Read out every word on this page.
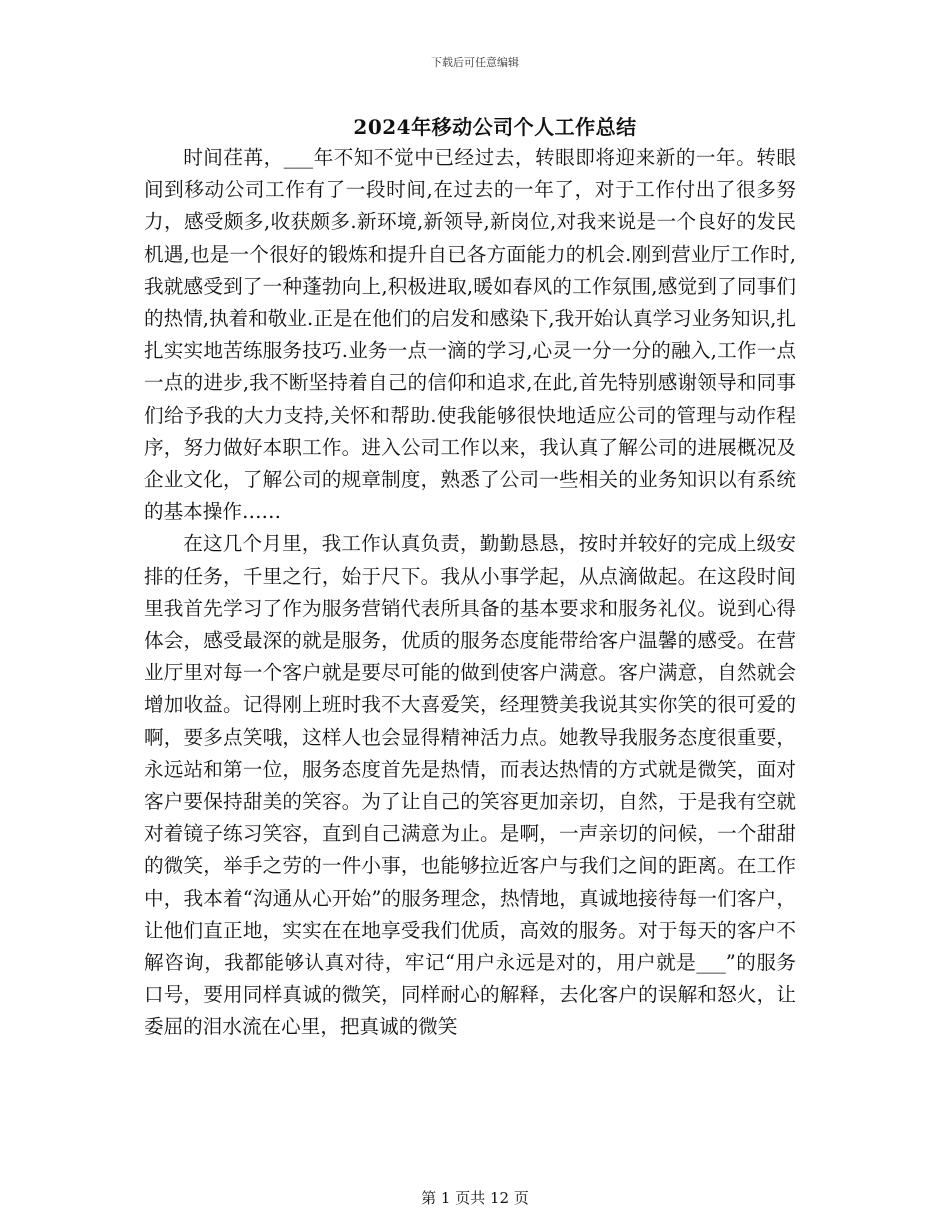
下载后可任意编辑
2024年移动公司个人工作总结

时间荏苒，___年不知不觉中已经过去，转眼即将迎来新的一年。转眼间到移动公司工作有了一段时间,在过去的一年了，对于工作付出了很多努力，感受颇多,收获颇多.新环境,新领导,新岗位,对我来说是一个良好的发民机遇,也是一个很好的锻炼和提升自已各方面能力的机会.刚到营业厅工作时,我就感受到了一种蓬勃向上,积极进取,暖如春风的工作氛围,感觉到了同事们的热情,执着和敬业.正是在他们的启发和感染下,我开始认真学习业务知识,扎扎实实地苦练服务技巧.业务一点一滴的学习,心灵一分一分的融入,工作一点一点的进步,我不断坚持着自己的信仰和追求,在此,首先特别感谢领导和同事们给予我的大力支持,关怀和帮助.使我能够很快地适应公司的管理与动作程序，努力做好本职工作。进入公司工作以来，我认真了解公司的进展概况及企业文化，了解公司的规章制度，熟悉了公司一些相关的业务知识以有系统的基本操作……

在这几个月里，我工作认真负责，勤勤恳恳，按时并较好的完成上级安排的任务，千里之行，始于尺下。我从小事学起，从点滴做起。在这段时间里我首先学习了作为服务营销代表所具备的基本要求和服务礼仪。说到心得体会，感受最深的就是服务，优质的服务态度能带给客户温馨的感受。在营业厅里对每一个客户就是要尽可能的做到使客户满意。客户满意，自然就会增加收益。记得刚上班时我不大喜爱笑，经理赞美我说其实你笑的很可爱的啊，要多点笑哦，这样人也会显得精神活力点。她教导我服务态度很重要，永远站和第一位，服务态度首先是热情，而表达热情的方式就是微笑，面对客户要保持甜美的笑容。为了让自己的笑容更加亲切，自然，于是我有空就对着镜子练习笑容，直到自己满意为止。是啊，一声亲切的问候，一个甜甜的微笑，举手之劳的一件小事，也能够拉近客户与我们之间的距离。在工作中，我本着“沟通从心开始”的服务理念，热情地，真诚地接待每一们客户，让他们直正地，实实在在地享受我们优质，高效的服务。对于每天的客户不解咨询，我都能够认真对待，牢记“用户永远是对的，用户就是___”的服务口号，要用同样真诚的微笑，同样耐心的解释，去化客户的误解和怒火，让委屈的泪水流在心里，把真诚的微笑

第 1 页共 12 页
